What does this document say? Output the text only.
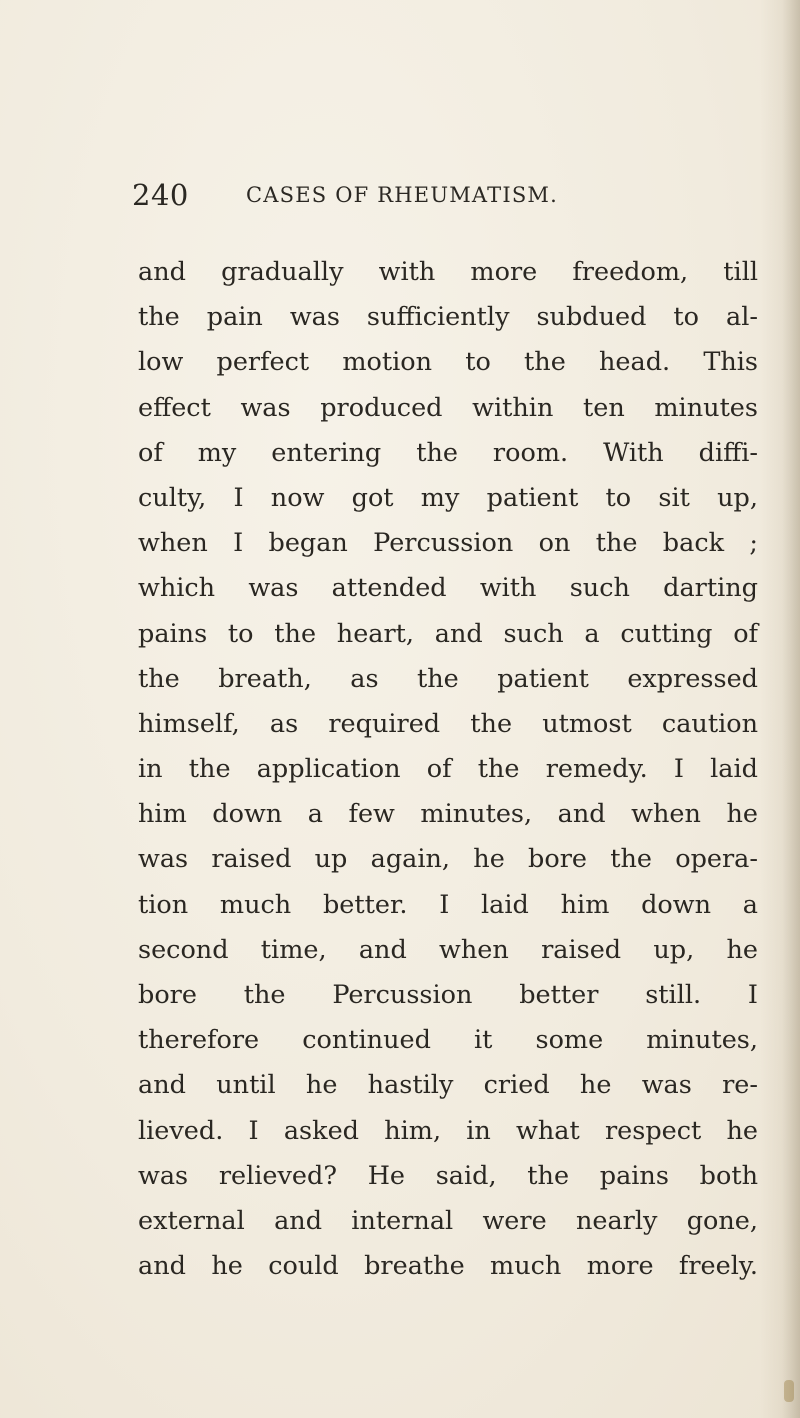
240	CASES OF RHEUMATISM.
and gradually with more freedom, till
the pain was sufficiently subdued to al-
low perfect motion to the head. This
effect was produced within ten minutes
of my entering the room. With diffi-
culty, I now got my patient to sit up,
when I began Percussion on the back ;
which was attended with such darting
pains to the heart, and such a cutting of
the breath, as the patient expressed
himself, as required the utmost caution
in the application of the remedy. I laid
him down a few minutes, and when he
was raised up again, he bore the opera-
tion much better. I laid him down a
second time, and when raised up, he
bore the Percussion better still. I
therefore continued it some minutes,
and until he hastily cried he was re-
lieved. I asked him, in what respect he
was relieved? He said, the pains both
external and internal were nearly gone,
and he could breathe much more freely.
